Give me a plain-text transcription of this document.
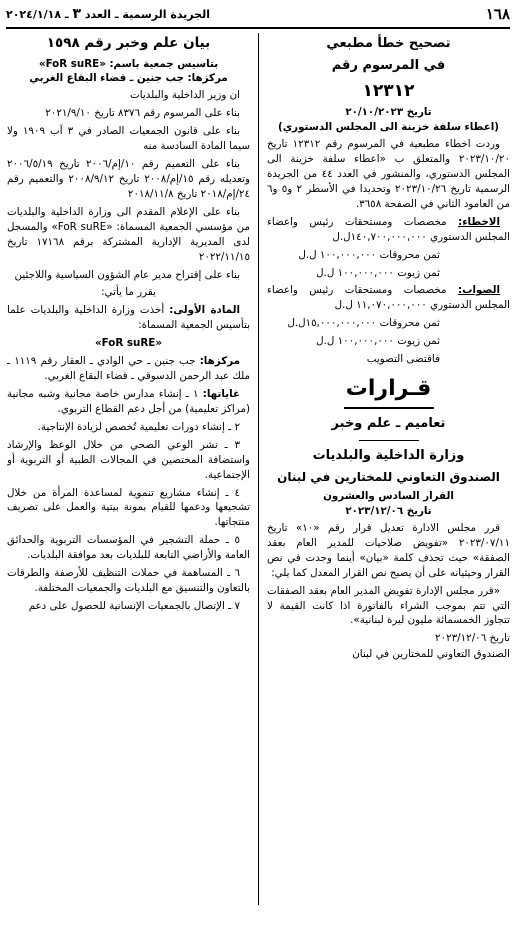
١٦٨
الجريدة الرسمية ـ العدد ٣ ـ ٢٠٢٤/١/١٨
تصحيح خطأ مطبعي
في المرسوم رقم
١٢٣١٢
تاريخ ٢٠/١٠/٢٠٢٣
(اعطاء سلفة خزينة الى المجلس الدستوري)

وردت اخطاء مطبعية في المرسوم رقم ١٢٣١٢ تاريخ ٢٠٢٣/١٠/٢٠ والمتعلق ب «اعطاء سلفة خزينة الى المجلس الدستوري، والمنشور في العدد ٤٤ من الجريدة الرسمية تاريخ ٢٠٢٣/١٠/٢٦ وتحديدا في الأسطر ٢ و٥ و٦ من العامود الثاني في الصفحة ٣٦٥٨.

الاخطاء: مخصصات ومستحقات رئيس واعضاء المجلس الدستوري ١٤٠,٧٠٠,٠٠٠,٠٠٠ل.ل

ثمن محروقات ١٠٠,٠٠٠,٠٠٠ ل.ل

ثمن زيوت ١٠٠,٠٠٠,٠٠٠ ل.ل

الصواب: مخصصات ومستحقات رئيس واعضاء المجلس الدستوري ١١,٠٧٠,٠٠٠,٠٠٠ ل.ل

ثمن محروقات ١٥,٠٠٠,٠٠٠,٠٠٠ل.ل

ثمن زيوت ١٠٠,٠٠٠,٠٠٠ ل.ل

فاقتضى التصويب

قـرارات
تعاميم ـ علم وخبر
وزارة الداخلية والبلديات
الصندوق التعاوني للمختارين في لبنان
القرار السادس والعشرون
تاريخ ٢٠٢٣/١٢/٠٦

قرر مجلس الادارة تعديل قرار رقم «١٠» تاريخ ٢٠٢٣/٠٧/١١ «تفويض صلاحيات للمدير العام بعقد الصفقة» حيث تحذف كلمة «بيان» أينما وجدت في نص القرار وحيثيانه على أن يصبح نص القرار المعدل كما يلي:

«قرر مجلس الإدارة تفويض المدير العام بعقد الصفقات التي تتم بموجب الشراء بالفاتورة اذا كانت القيمة لا تتجاوز الخمسمائة مليون ليرة لبنانية».

تاريخ ٢٠٢٣/١٢/٠٦

الصندوق التعاوني للمختارين في لبنان

بيان علم وخبر رقم ١٥٩٨
بتاسيس جمعية باسم: «FoR suRE»
مركزها: جب جنين ـ قضاء البقاع الغربي

ان وزير الداخلية والبلديات

بناء على المرسوم رقم ٨٣٧٦ تاريخ ٢٠٢١/٩/١٠

بناء على قانون الجمعيات الصادر في ٣ آب ١٩٠٩ ولا سيما المادة السادسة منه

بناء على التعميم رقم ١٠/إم/٢٠٠٦ تاريخ ٢٠٠٦/٥/١٩ وتعديله رقم ١٥/إم/٢٠٠٨ تاريخ ٢٠٠٨/٩/١٢ والتعميم رقم ٢٤/إم/٢٠١٨ تاريخ ٢٠١٨/١١/٨

بناء على الإعلام المقدم الى وزارة الداخلية والبلديات من مؤسسي الجمعية المسماة: «FoR suRE» والمسجل لدى المديرية الإدارية المشتركة برقم ١٧١٦٨ تاريخ ٢٠٢٢/١١/١٥

بناء على إقتراح مدير عام الشؤون السياسية واللاجئين

يقرر ما يأتي:

المادة الأولى: أخذت وزارة الداخلية والبلديات علما بتأسيس الجمعية المسماة:

«FoR suRE»

مركزها: جب جنين ـ حي الوادي ـ العقار رقم ١١١٩ ـ ملك عبد الرحمن الدسوقي ـ قضاء البقاع الغربي.

غاياتها: ١ ـ إنشاء مدارس خاصة مجانية وشبه مجانية (مراكز تعليمية) من أجل دعم القطاع التربوي.

٢ ـ إنشاء دورات تعليمية تُخصص لزيادة الإنتاجية.

٣ ـ نشر الوعي الصحي من خلال الوعظ والإرشاد واستضافة المختصين في المجالات الطبية أو التربوية أو الإجتماعية.

٤ ـ إنشاء مشاريع تنموية لمساعدة المرأة من خلال تشجيعها ودعمها للقيام بمونة بيتية والعمل على تصريف منتجاتها.

٥ ـ حملة التشجير في المؤسسات التربوية والحدائق العامة والأراضي التابعة للبلديات بعد موافقة البلديات.

٦ ـ المساهمة في حملات التنظيف للأرصفة والطرقات بالتعاون والتنسيق مع البلديات والجمعيات المختلفة.

٧ ـ الإتصال بالجمعيات الإنسانية للحصول على دعم
